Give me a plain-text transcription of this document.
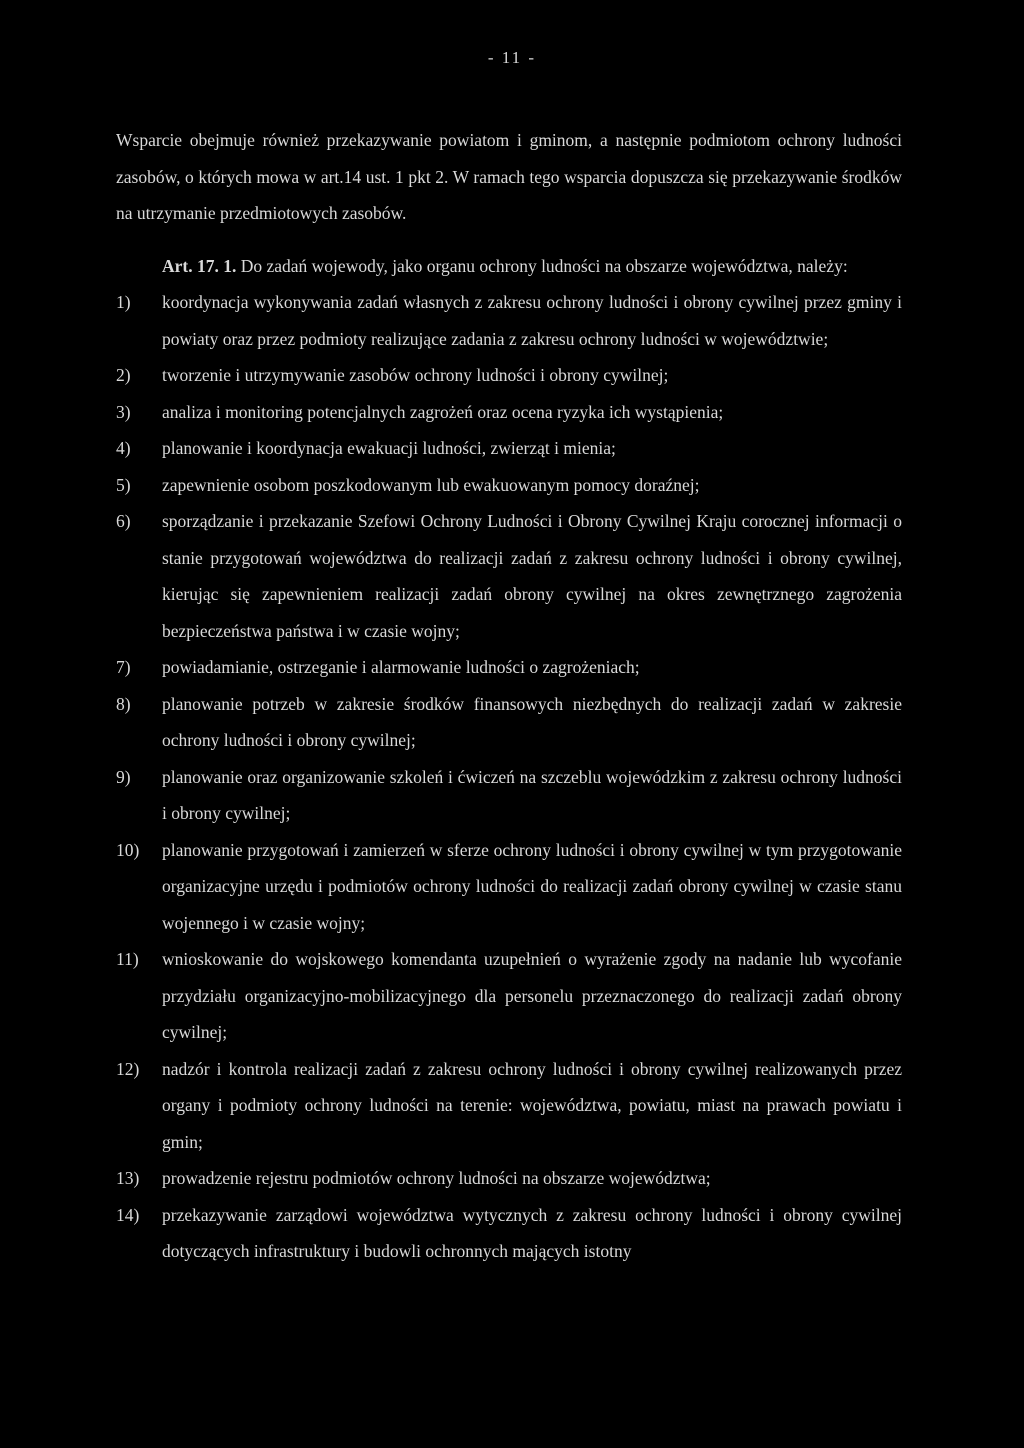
- 11 -

Wsparcie obejmuje również przekazywanie powiatom i gminom, a następnie podmiotom ochrony ludności zasobów, o których mowa w art.14 ust. 1 pkt 2. W ramach tego wsparcia dopuszcza się przekazywanie środków na utrzymanie przedmiotowych zasobów.

Art. 17. 1. Do zadań wojewody, jako organu ochrony ludności na obszarze województwa, należy:

1) koordynacja wykonywania zadań własnych z zakresu ochrony ludności i obrony cywilnej przez gminy i powiaty oraz przez podmioty realizujące zadania z zakresu ochrony ludności w województwie;
2) tworzenie i utrzymywanie zasobów ochrony ludności i obrony cywilnej;
3) analiza i monitoring potencjalnych zagrożeń oraz ocena ryzyka ich wystąpienia;
4) planowanie i koordynacja ewakuacji ludności, zwierząt i mienia;
5) zapewnienie osobom poszkodowanym lub ewakuowanym pomocy doraźnej;
6) sporządzanie i przekazanie Szefowi Ochrony Ludności i Obrony Cywilnej Kraju corocznej informacji o stanie przygotowań województwa do realizacji zadań z zakresu ochrony ludności i obrony cywilnej, kierując się zapewnieniem realizacji zadań obrony cywilnej na okres zewnętrznego zagrożenia bezpieczeństwa państwa i w czasie wojny;
7) powiadamianie, ostrzeganie i alarmowanie ludności o zagrożeniach;
8) planowanie potrzeb w zakresie środków finansowych niezbędnych do realizacji zadań w zakresie ochrony ludności i obrony cywilnej;
9) planowanie oraz organizowanie szkoleń i ćwiczeń na szczeblu wojewódzkim z zakresu ochrony ludności i obrony cywilnej;
10) planowanie przygotowań i zamierzeń w sferze ochrony ludności i obrony cywilnej w tym przygotowanie organizacyjne urzędu i podmiotów ochrony ludności do realizacji zadań obrony cywilnej w czasie stanu wojennego i w czasie wojny;
11) wnioskowanie do wojskowego komendanta uzupełnień o wyrażenie zgody na nadanie lub wycofanie przydziału organizacyjno-mobilizacyjnego dla personelu przeznaczonego do realizacji zadań obrony cywilnej;
12) nadzór i kontrola realizacji zadań z zakresu ochrony ludności i obrony cywilnej realizowanych przez organy i podmioty ochrony ludności na terenie: województwa, powiatu, miast na prawach powiatu i gmin;
13) prowadzenie rejestru podmiotów ochrony ludności na obszarze województwa;
14) przekazywanie zarządowi województwa wytycznych z zakresu ochrony ludności i obrony cywilnej dotyczących infrastruktury i budowli ochronnych mających istotny
